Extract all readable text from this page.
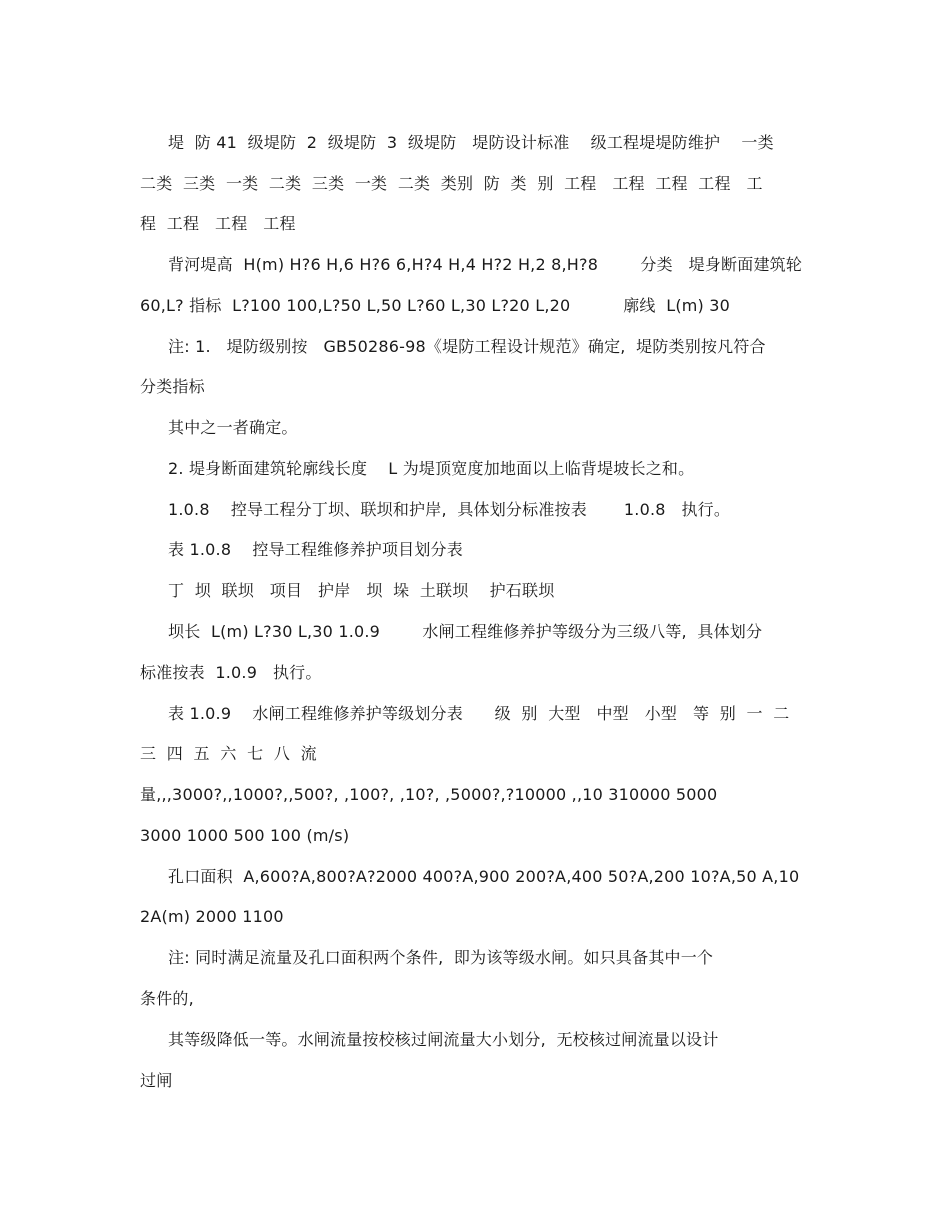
堤  防 41  级堤防  2  级堤防  3  级堤防   堤防设计标准    级工程堤堤防维护    一类
二类  三类  一类  二类  三类  一类  二类  类别  防  类  别  工程   工程  工程  工程   工
程  工程   工程   工程
背河堤高  H(m) H?6 H,6 H?6 6,H?4 H,4 H?2 H,2 8,H?8        分类   堤身断面建筑轮
60,L? 指标  L?100 100,L?50 L,50 L?60 L,30 L?20 L,20          廓线  L(m) 30
注: 1.   堤防级别按   GB50286-98《堤防工程设计规范》确定,  堤防类别按凡符合
分类指标
其中之一者确定。
2. 堤身断面建筑轮廓线长度    L 为堤顶宽度加地面以上临背堤坡长之和。
1.0.8    控导工程分丁坝、联坝和护岸,  具体划分标准按表       1.0.8   执行。
表 1.0.8    控导工程维修养护项目划分表
丁  坝  联坝   项目   护岸   坝  垛  土联坝    护石联坝
坝长  L(m) L?30 L,30 1.0.9        水闸工程维修养护等级分为三级八等,  具体划分
标准按表  1.0.9   执行。
表 1.0.9    水闸工程维修养护等级划分表      级  别  大型   中型   小型   等  别  一  二
三  四  五  六  七  八  流
量,,,3000?,,1000?,,500?, ,100?, ,10?, ,5000?,?10000 ,,10 310000 5000
3000 1000 500 100 (m/s)
孔口面积  A,600?A,800?A?2000 400?A,900 200?A,400 50?A,200 10?A,50 A,10
2A(m) 2000 1100
注: 同时满足流量及孔口面积两个条件,  即为该等级水闸。如只具备其中一个
条件的,
其等级降低一等。水闸流量按校核过闸流量大小划分,  无校核过闸流量以设计
过闸
